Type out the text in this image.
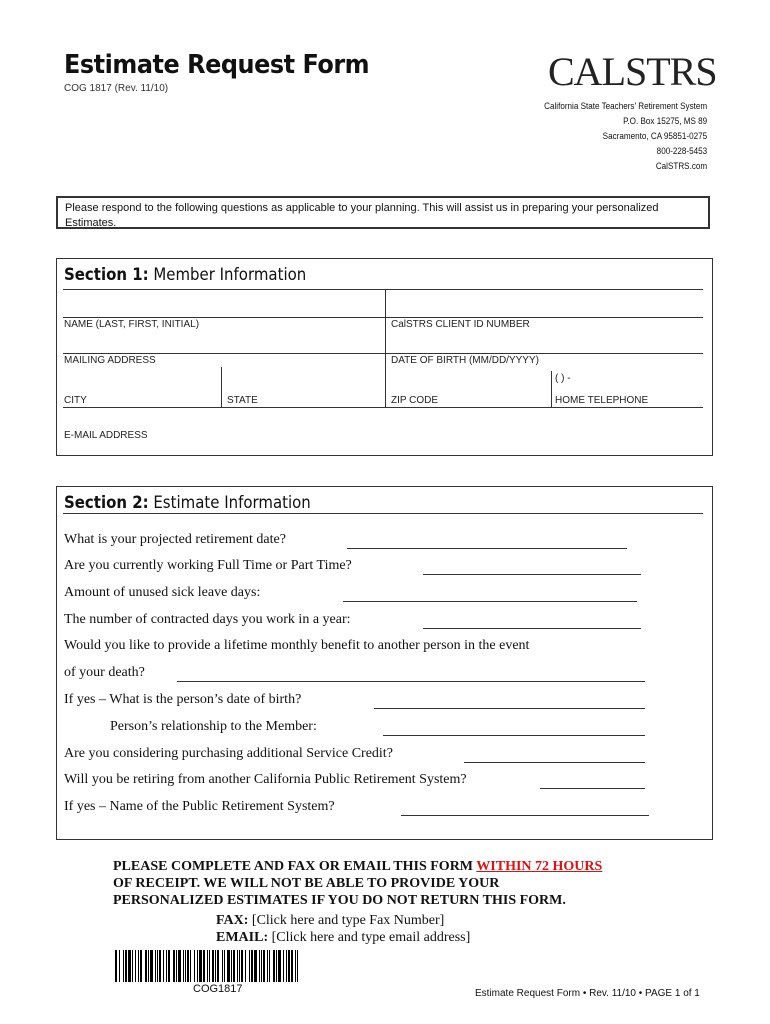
Estimate Request Form
COG 1817 (Rev. 11/10)	CALSTRS
California State Teachers' Retirement System
P.O. Box 15275, MS 89
Sacramento, CA 95851-0275
800-228-5453
CalSTRS.com
Please respond to the following questions as applicable to your planning. This will assist us in preparing your personalized Estimates.
Section 1: Member Information
NAME (LAST, FIRST, INITIAL)	CalSTRS CLIENT ID NUMBER
MAILING ADDRESS	DATE OF BIRTH (MM/DD/YYYY)
( ) -
CITY	STATE	ZIP CODE	HOME TELEPHONE
E-MAIL ADDRESS
Section 2: Estimate Information
What is your projected retirement date?
Are you currently working Full Time or Part Time?
Amount of unused sick leave days:
The number of contracted days you work in a year:
Would you like to provide a lifetime monthly benefit to another person in the event
of your death?
If yes – What is the person’s date of birth?
Person’s relationship to the Member:
Are you considering purchasing additional Service Credit?
Will you be retiring from another California Public Retirement System?
If yes – Name of the Public Retirement System?
PLEASE COMPLETE AND FAX OR EMAIL THIS FORM WITHIN 72 HOURS
OF RECEIPT. WE WILL NOT BE ABLE TO PROVIDE YOUR
PERSONALIZED ESTIMATES IF YOU DO NOT RETURN THIS FORM.
FAX: [Click here and type Fax Number]
EMAIL: [Click here and type email address]
COG1817	Estimate Request Form • Rev. 11/10 • PAGE 1 of 1
